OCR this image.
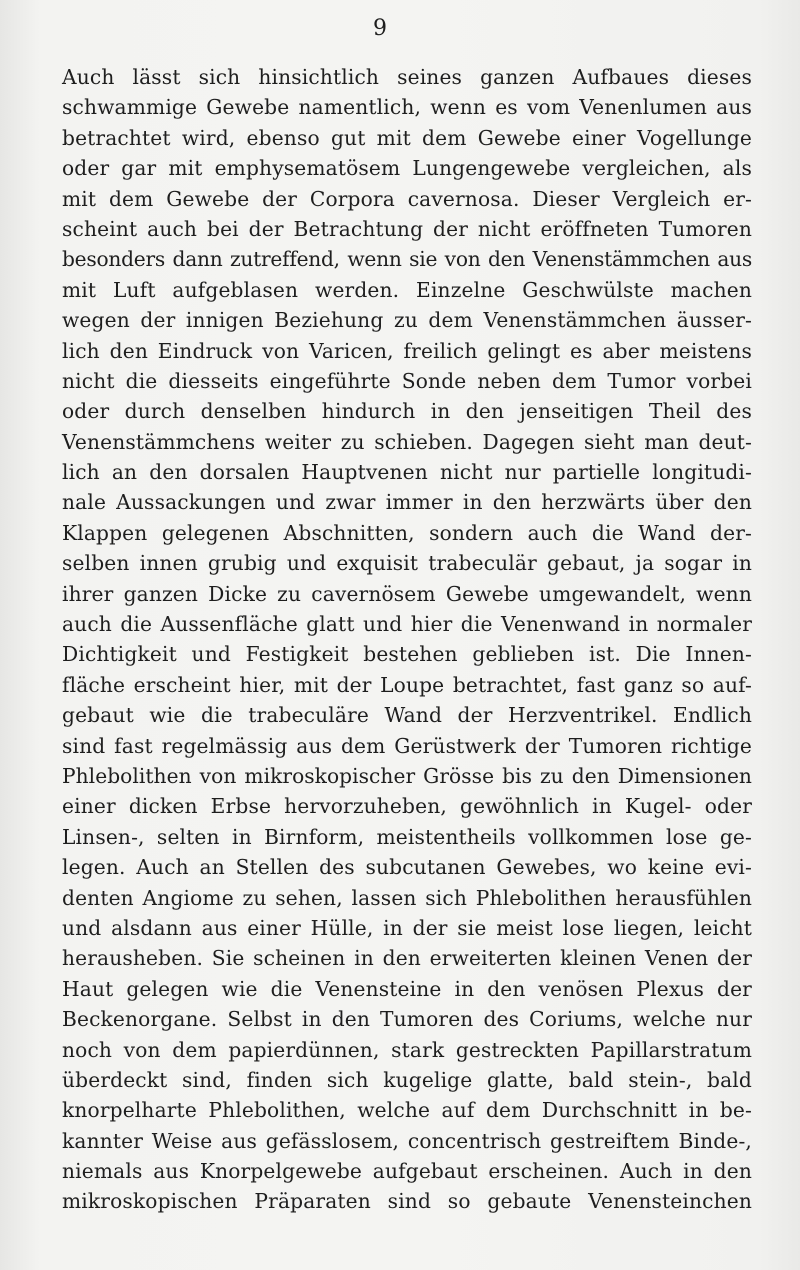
9
Auch lässt sich hinsichtlich seines ganzen Aufbaues dieses
schwammige Gewebe namentlich, wenn es vom Venenlumen aus
betrachtet wird, ebenso gut mit dem Gewebe einer Vogellunge
oder gar mit emphysematösem Lungengewebe vergleichen, als
mit dem Gewebe der Corpora cavernosa. Dieser Vergleich er-
scheint auch bei der Betrachtung der nicht eröffneten Tumoren
besonders dann zutreffend, wenn sie von den Venenstämmchen aus
mit Luft aufgeblasen werden. Einzelne Geschwülste machen
wegen der innigen Beziehung zu dem Venenstämmchen äusser-
lich den Eindruck von Varicen, freilich gelingt es aber meistens
nicht die diesseits eingeführte Sonde neben dem Tumor vorbei
oder durch denselben hindurch in den jenseitigen Theil des
Venenstämmchens weiter zu schieben. Dagegen sieht man deut-
lich an den dorsalen Hauptvenen nicht nur partielle longitudi-
nale Aussackungen und zwar immer in den herzwärts über den
Klappen gelegenen Abschnitten, sondern auch die Wand der-
selben innen grubig und exquisit trabeculär gebaut, ja sogar in
ihrer ganzen Dicke zu cavernösem Gewebe umgewandelt, wenn
auch die Aussenfläche glatt und hier die Venenwand in normaler
Dichtigkeit und Festigkeit bestehen geblieben ist. Die Innen-
fläche erscheint hier, mit der Loupe betrachtet, fast ganz so auf-
gebaut wie die trabeculäre Wand der Herzventrikel. Endlich
sind fast regelmässig aus dem Gerüstwerk der Tumoren richtige
Phlebolithen von mikroskopischer Grösse bis zu den Dimensionen
einer dicken Erbse hervorzuheben, gewöhnlich in Kugel- oder
Linsen-, selten in Birnform, meistentheils vollkommen lose ge-
legen. Auch an Stellen des subcutanen Gewebes, wo keine evi-
denten Angiome zu sehen, lassen sich Phlebolithen herausfühlen
und alsdann aus einer Hülle, in der sie meist lose liegen, leicht
herausheben. Sie scheinen in den erweiterten kleinen Venen der
Haut gelegen wie die Venensteine in den venösen Plexus der
Beckenorgane. Selbst in den Tumoren des Coriums, welche nur
noch von dem papierdünnen, stark gestreckten Papillarstratum
überdeckt sind, finden sich kugelige glatte, bald stein-, bald
knorpelharte Phlebolithen, welche auf dem Durchschnitt in be-
kannter Weise aus gefässlosem, concentrisch gestreiftem Binde-,
niemals aus Knorpelgewebe aufgebaut erscheinen. Auch in den
mikroskopischen Präparaten sind so gebaute Venensteinchen
